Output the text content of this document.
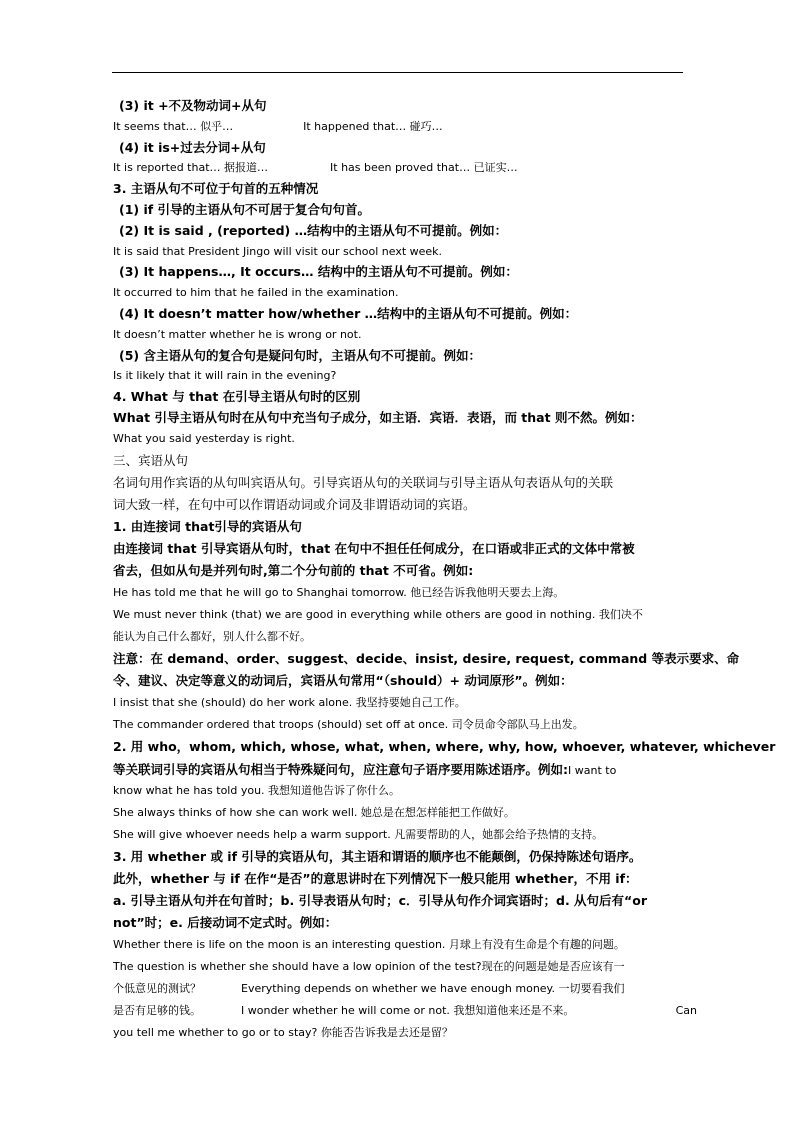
(3) it +不及物动词+从句
It seems that… 似乎…	It happened that… 碰巧…
(4) it is+过去分词+从句
It is reported that… 据报道…	It has been proved that… 已证实…
3. 主语从句不可位于句首的五种情况
(1) if 引导的主语从句不可居于复合句句首。
(2) It is said , (reported) …结构中的主语从句不可提前。例如：
It is said that President Jingo will visit our school next week.
(3) It happens…, It occurs… 结构中的主语从句不可提前。例如：
It occurred to him that he failed in the examination.
(4) It doesn’t matter how/whether …结构中的主语从句不可提前。例如：
It doesn’t matter whether he is wrong or not.
(5) 含主语从句的复合句是疑问句时，主语从句不可提前。例如：
Is it likely that it will rain in the evening?
4. What 与 that 在引导主语从句时的区别
What 引导主语从句时在从句中充当句子成分，如主语．宾语．表语，而 that 则不然。例如：
What you said yesterday is right.
三、宾语从句
名词句用作宾语的从句叫宾语从句。引导宾语从句的关联词与引导主语从句表语从句的关联
词大致一样，在句中可以作谓语动词或介词及非谓语动词的宾语。
1. 由连接词 that引导的宾语从句
由连接词 that 引导宾语从句时，that 在句中不担任任何成分，在口语或非正式的文体中常被
省去，但如从句是并列句时,第二个分句前的 that 不可省。例如:
He has told me that he will go to Shanghai tomorrow. 他已经告诉我他明天要去上海。
We must never think (that) we are good in everything while others are good in nothing. 我们决不
能认为自己什么都好，别人什么都不好。
注意：在 demand、order、suggest、decide、insist, desire, request, command 等表示要求、命
令、建议、决定等意义的动词后，宾语从句常用“（should）+ 动词原形”。例如：
I insist that she (should) do her work alone. 我坚持要她自己工作。
The commander ordered that troops (should) set off at once. 司令员命令部队马上出发。
2. 用 who，whom, which, whose, what, when, where, why, how, whoever, whatever, whichever
等关联词引导的宾语从句相当于特殊疑问句，应注意句子语序要用陈述语序。例如:I want to
know what he has told you. 我想知道他告诉了你什么。
She always thinks of how she can work well. 她总是在想怎样能把工作做好。
She will give whoever needs help a warm support. 凡需要帮助的人，她都会给予热情的支持。
3. 用 whether 或 if 引导的宾语从句，其主语和谓语的顺序也不能颠倒，仍保持陈述句语序。
此外，whether 与 if 在作“是否”的意思讲时在下列情况下一般只能用 whether，不用 if：
a. 引导主语从句并在句首时；b. 引导表语从句时；c．引导从句作介词宾语时；d. 从句后有“or
not”时；e. 后接动词不定式时。例如：
Whether there is life on the moon is an interesting question. 月球上有没有生命是个有趣的问题。
The question is whether she should have a low opinion of the test?现在的问题是她是否应该有一
个低意见的测试？	Everything depends on whether we have enough money. 一切要看我们
是否有足够的钱。	I wonder whether he will come or not. 我想知道他来还是不来。	Can
you tell me whether to go or to stay? 你能否告诉我是去还是留？
